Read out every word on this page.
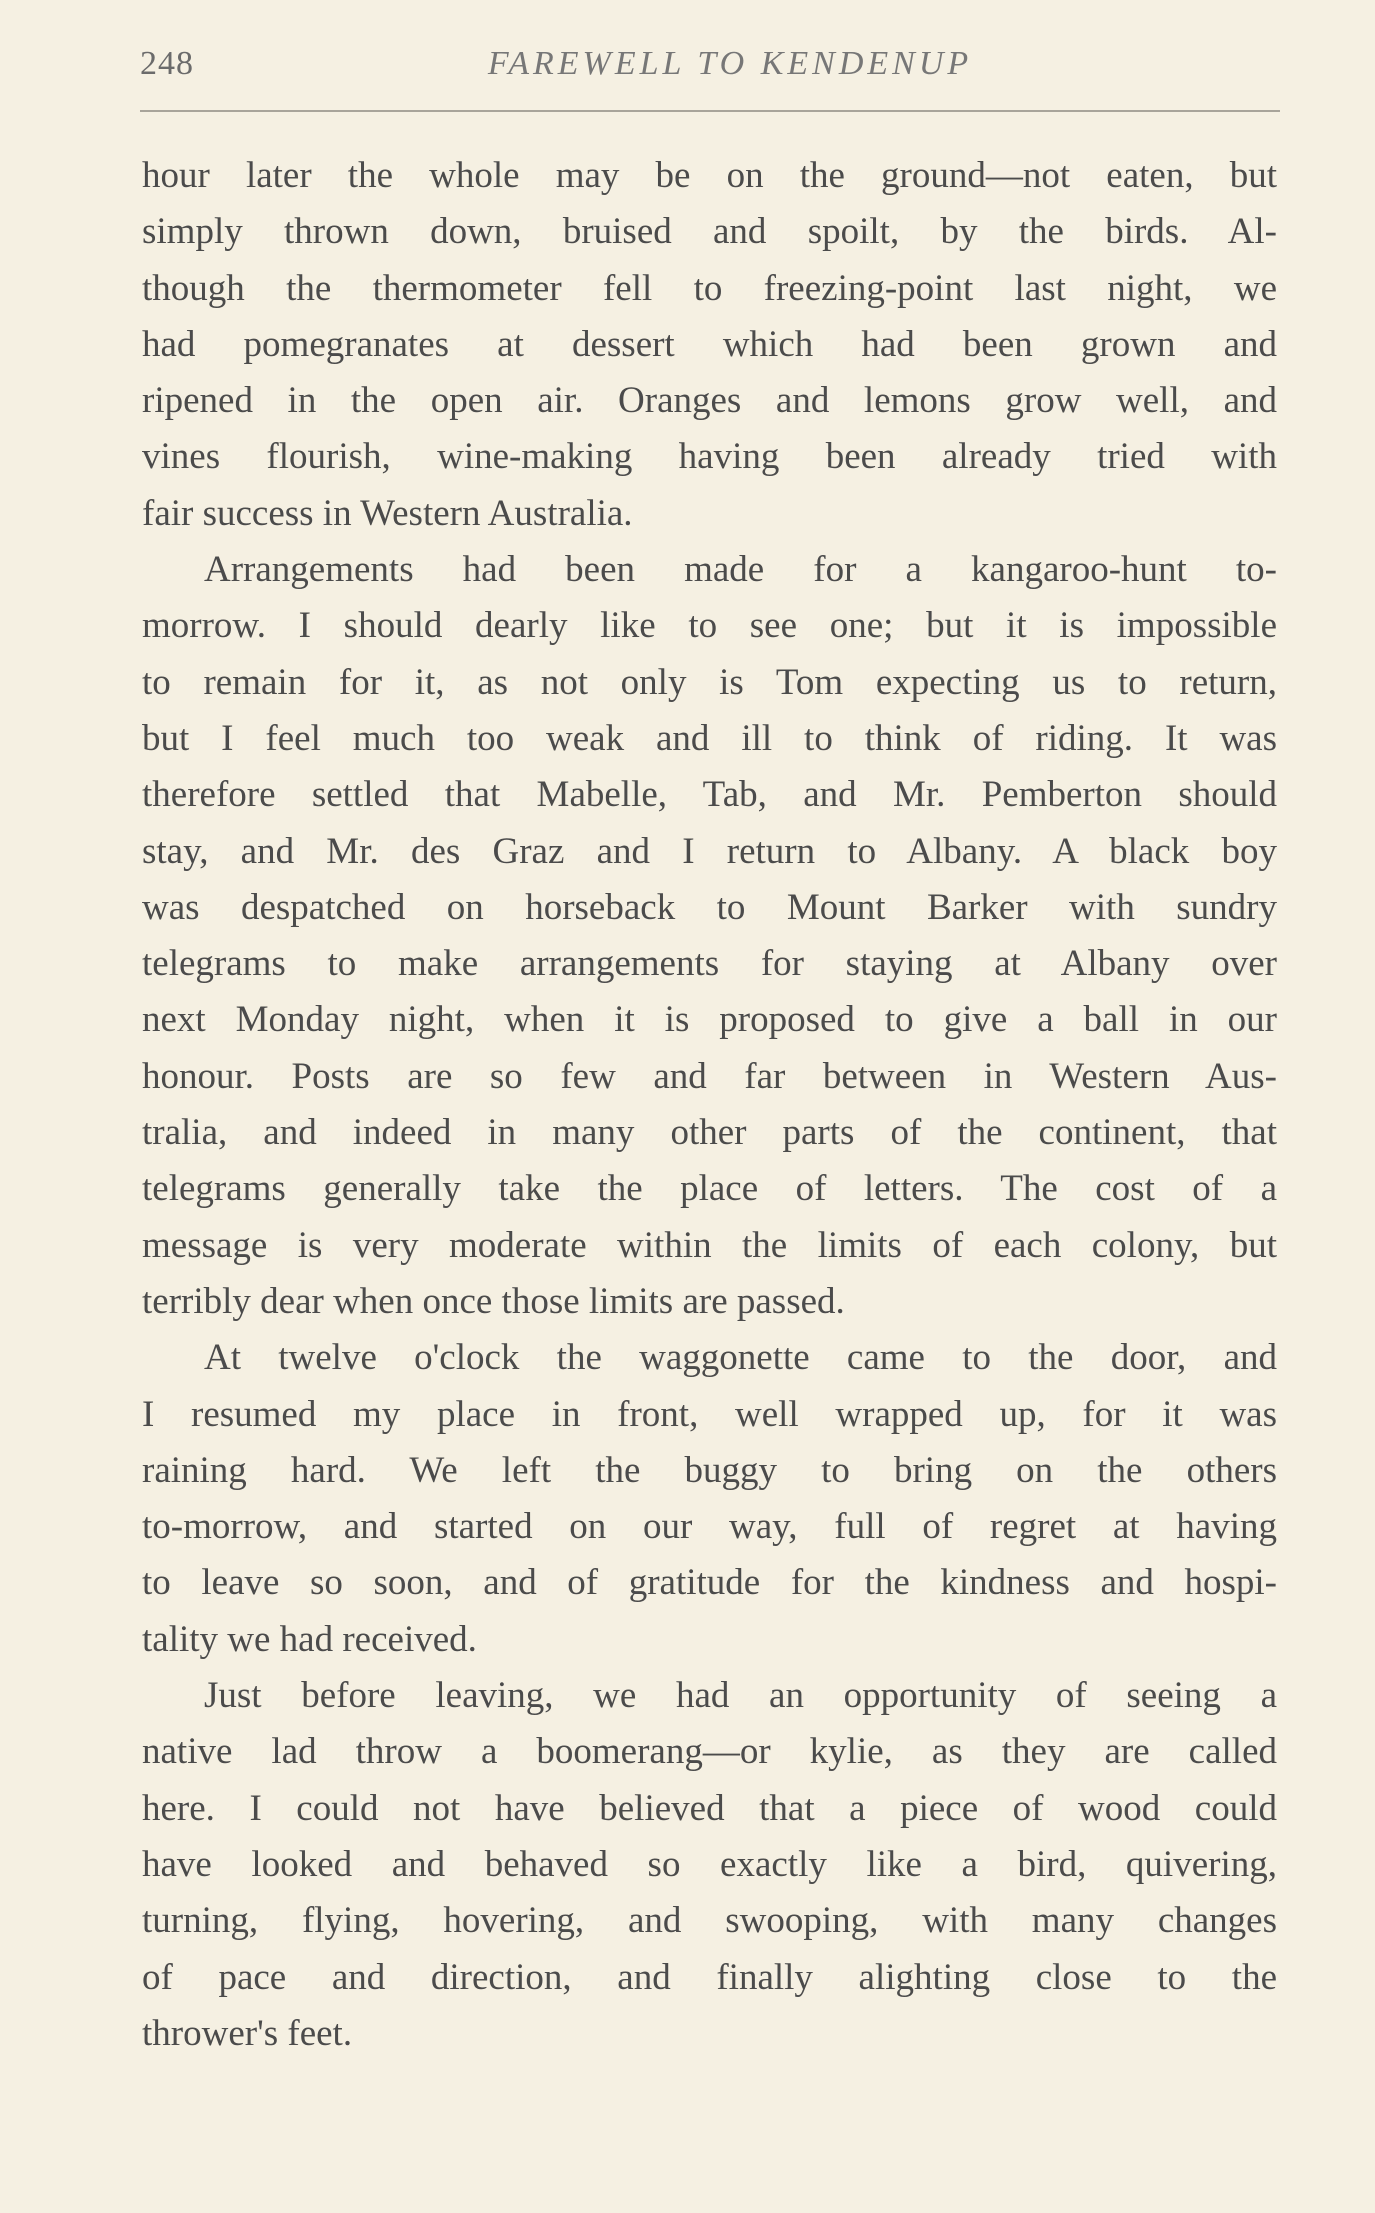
248	FAREWELL TO KENDENUP
hour later the whole may be on the ground—not eaten, but
simply thrown down, bruised and spoilt, by the birds. Al-
though the thermometer fell to freezing-point last night, we
had pomegranates at dessert which had been grown and
ripened in the open air. Oranges and lemons grow well, and
vines flourish, wine-making having been already tried with
fair success in Western Australia.
Arrangements had been made for a kangaroo-hunt to-
morrow. I should dearly like to see one; but it is impossible
to remain for it, as not only is Tom expecting us to return,
but I feel much too weak and ill to think of riding. It was
therefore settled that Mabelle, Tab, and Mr. Pemberton should
stay, and Mr. des Graz and I return to Albany. A black boy
was despatched on horseback to Mount Barker with sundry
telegrams to make arrangements for staying at Albany over
next Monday night, when it is proposed to give a ball in our
honour. Posts are so few and far between in Western Aus-
tralia, and indeed in many other parts of the continent, that
telegrams generally take the place of letters. The cost of a
message is very moderate within the limits of each colony, but
terribly dear when once those limits are passed.
At twelve o'clock the waggonette came to the door, and
I resumed my place in front, well wrapped up, for it was
raining hard. We left the buggy to bring on the others
to-morrow, and started on our way, full of regret at having
to leave so soon, and of gratitude for the kindness and hospi-
tality we had received.
Just before leaving, we had an opportunity of seeing a
native lad throw a boomerang—or kylie, as they are called
here. I could not have believed that a piece of wood could
have looked and behaved so exactly like a bird, quivering,
turning, flying, hovering, and swooping, with many changes
of pace and direction, and finally alighting close to the
thrower's feet.
